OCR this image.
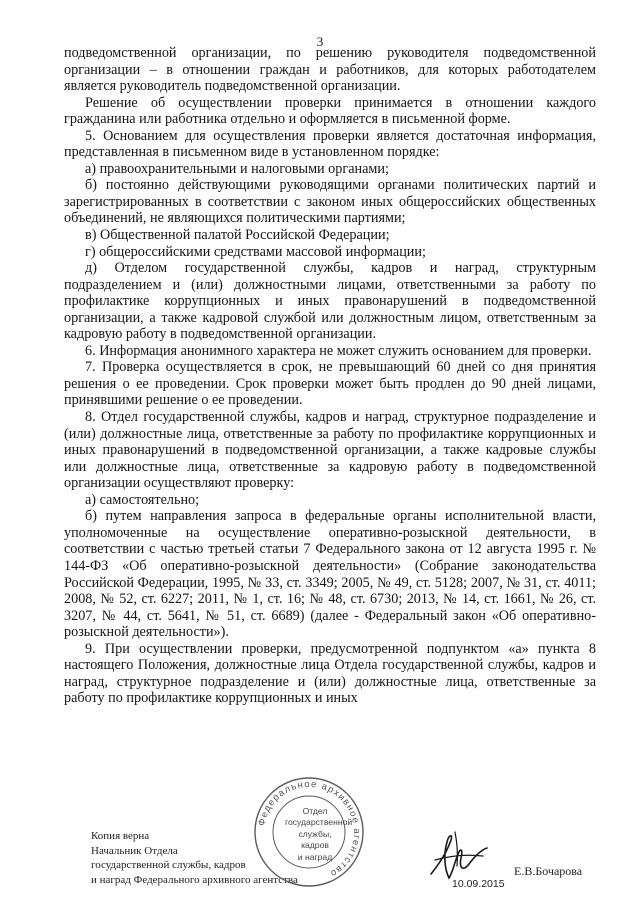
3

подведомственной организации, по решению руководителя подведомственной организации – в отношении граждан и работников, для которых работодателем является руководитель подведомственной организации.

Решение об осуществлении проверки принимается в отношении каждого гражданина или работника отдельно и оформляется в письменной форме.

5. Основанием для осуществления проверки является достаточная информация, представленная в письменном виде в установленном порядке:

а) правоохранительными и налоговыми органами;

б) постоянно действующими руководящими органами политических партий и зарегистрированных в соответствии с законом иных общероссийских общественных объединений, не являющихся политическими партиями;

в) Общественной палатой Российской Федерации;

г) общероссийскими средствами массовой информации;

д) Отделом государственной службы, кадров и наград, структурным подразделением и (или) должностными лицами, ответственными за работу по профилактике коррупционных и иных правонарушений в подведомственной организации, а также кадровой службой или должностным лицом, ответственным за кадровую работу в подведомственной организации.

6. Информация анонимного характера не может служить основанием для проверки.

7. Проверка осуществляется в срок, не превышающий 60 дней со дня принятия решения о ее проведении. Срок проверки может быть продлен до 90 дней лицами, принявшими решение о ее проведении.

8. Отдел государственной службы, кадров и наград, структурное подразделение и (или) должностные лица, ответственные за работу по профилактике коррупционных и иных правонарушений в подведомственной организации, а также кадровые службы или должностные лица, ответственные за кадровую работу в подведомственной организации осуществляют проверку:

а) самостоятельно;

б) путем направления запроса в федеральные органы исполнительной власти, уполномоченные на осуществление оперативно-розыскной деятельности, в соответствии с частью третьей статьи 7 Федерального закона от 12 августа 1995 г. № 144-ФЗ «Об оперативно-розыскной деятельности» (Собрание законодательства Российской Федерации, 1995, № 33, ст. 3349; 2005, № 49, ст. 5128; 2007, № 31, ст. 4011; 2008, № 52, ст. 6227; 2011, № 1, ст. 16; № 48, ст. 6730; 2013, № 14, ст. 1661, № 26, ст. 3207, № 44, ст. 5641, № 51, ст. 6689) (далее - Федеральный закон «Об оперативно-розыскной деятельности»).

9. При осуществлении проверки, предусмотренной подпунктом «а» пункта 8 настоящего Положения, должностные лица Отдела государственной службы, кадров и наград, структурное подразделение и (или) должностные лица, ответственные за работу по профилактике коррупционных и иных

Копия верна
Начальник Отдела
государственной службы, кадров
и наград Федерального архивного агентства
Федеральное архивное агентство
Отдел
государственной
службы, кадров
и наград
10.09.2015
Е.В.Бочарова
